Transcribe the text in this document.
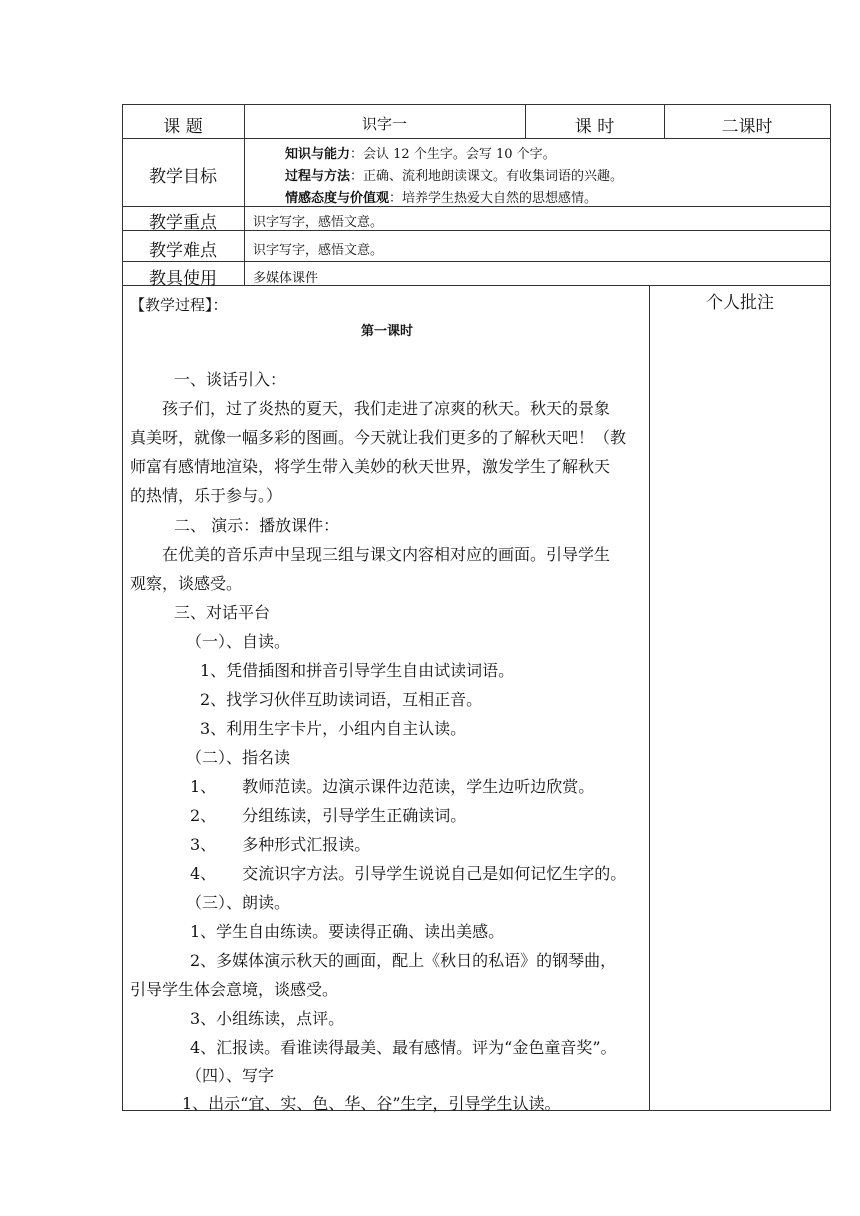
课 题	识字一	课 时	二课时
教学目标
知识与能力：会认 12 个生字。会写 10 个字。
过程与方法：正确、流利地朗读课文。有收集词语的兴趣。
情感态度与价值观：培养学生热爱大自然的思想感情。
教学重点	识字写字，感悟文意。
教学难点	识字写字，感悟文意。
教具使用	多媒体课件
【教学过程】：	个人批注
第一课时
一、谈话引入：
孩子们，过了炎热的夏天，我们走进了凉爽的秋天。秋天的景象
真美呀，就像一幅多彩的图画。今天就让我们更多的了解秋天吧！（教
师富有感情地渲染，将学生带入美妙的秋天世界，激发学生了解秋天
的热情，乐于参与。）
二、 演示：播放课件：
在优美的音乐声中呈现三组与课文内容相对应的画面。引导学生
观察，谈感受。
三、对话平台
（一）、自读。
1、凭借插图和拼音引导学生自由试读词语。
2、找学习伙伴互助读词语，互相正音。
3、利用生字卡片，小组内自主认读。
（二）、指名读
1、 教师范读。边演示课件边范读，学生边听边欣赏。
2、 分组练读，引导学生正确读词。
3、 多种形式汇报读。
4、 交流识字方法。引导学生说说自己是如何记忆生字的。
（三）、朗读。
1、学生自由练读。要读得正确、读出美感。
2、多媒体演示秋天的画面，配上《秋日的私语》的钢琴曲，
引导学生体会意境，谈感受。
3、小组练读，点评。
4、汇报读。看谁读得最美、最有感情。评为“金色童音奖”。
（四）、写字
1、出示“宜、实、色、华、谷”生字，引导学生认读。
